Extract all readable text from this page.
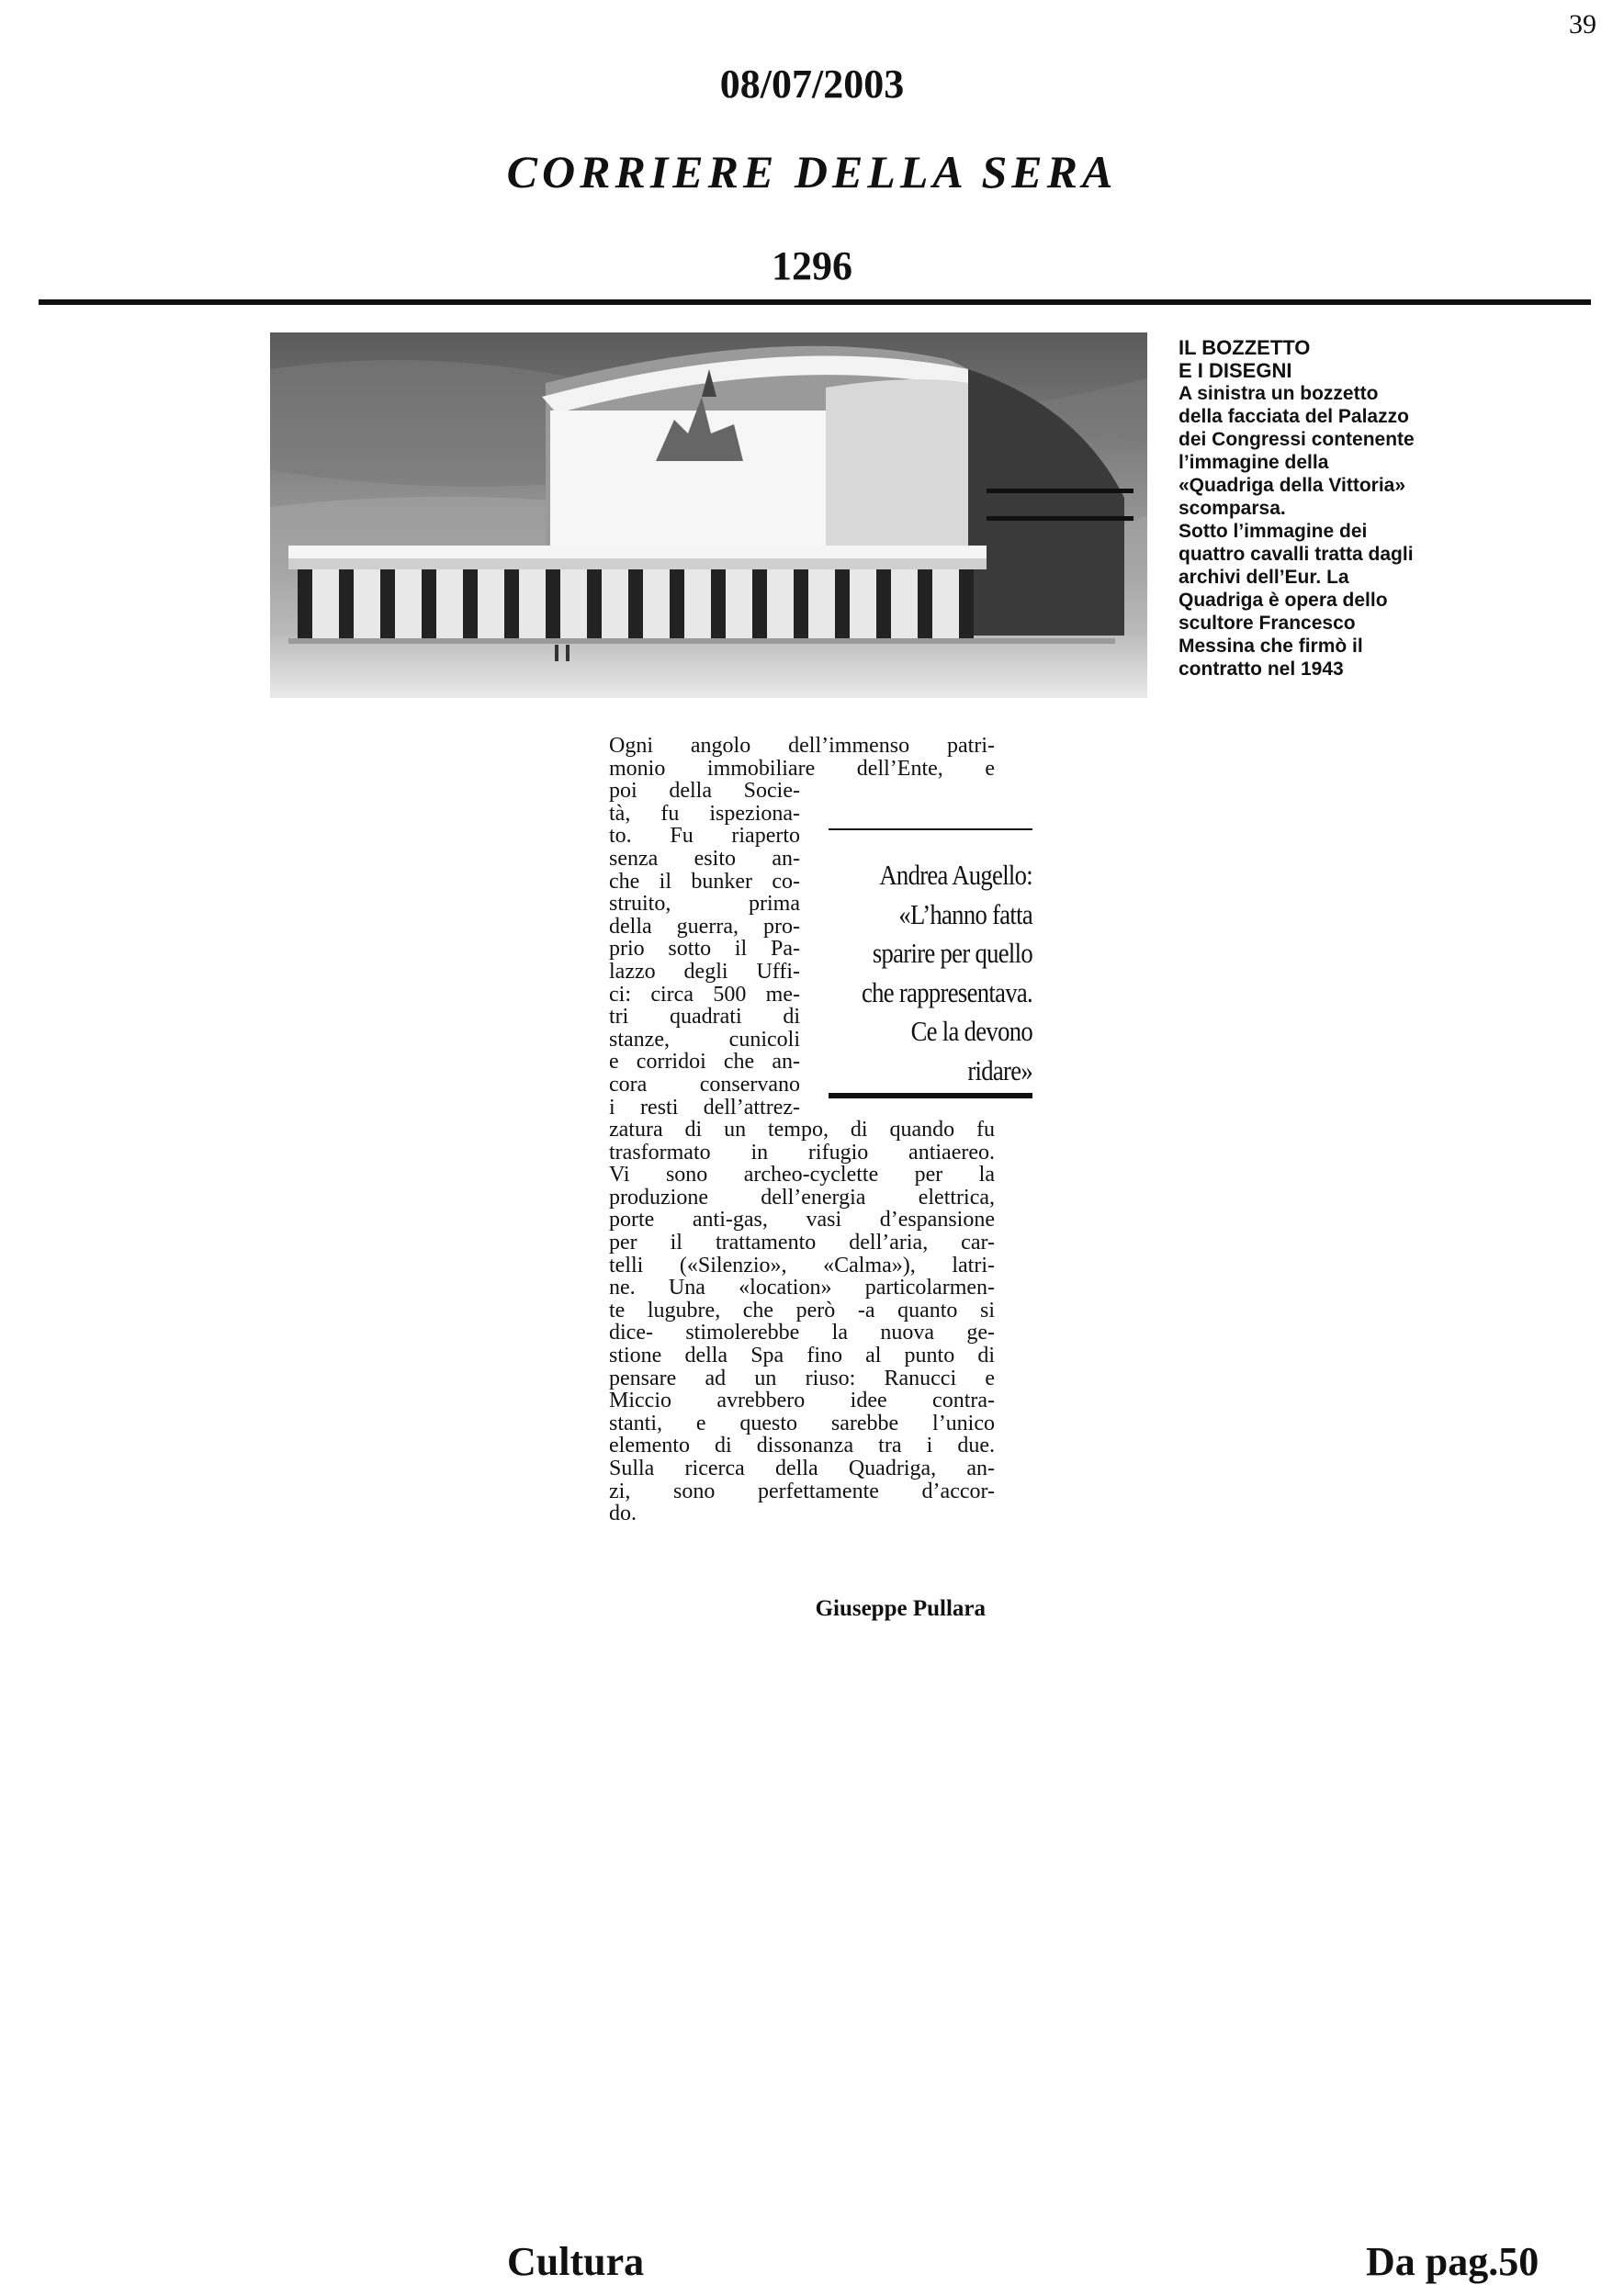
39
08/07/2003
CORRIERE DELLA SERA
1296
IL BOZZETTO
E I DISEGNI
A sinistra un bozzetto
della facciata del Palazzo
dei Congressi contenente
l’immagine della
«Quadriga della Vittoria»
scomparsa.
Sotto l’immagine dei
quattro cavalli tratta dagli
archivi dell’Eur. La
Quadriga è opera dello
scultore Francesco
Messina che firmò il
contratto nel 1943
Ogni angolo dell’immenso patri-
monio immobiliare dell’Ente, e
poi della Socie-
tà, fu ispeziona-
to. Fu riaperto
senza esito an-
che il bunker co-
struito, prima
della guerra, pro-
prio sotto il Pa-
lazzo degli Uffi-
ci: circa 500 me-
tri quadrati di
stanze, cunicoli
e corridoi che an-
cora conservano
i resti dell’attrez-
zatura di un tempo, di quando fu
trasformato in rifugio antiaereo.
Vi sono archeo-cyclette per la
produzione dell’energia elettrica,
porte anti-gas, vasi d’espansione
per il trattamento dell’aria, car-
telli («Silenzio», «Calma»), latri-
ne. Una «location» particolarmen-
te lugubre, che però -a quanto si
dice- stimolerebbe la nuova ge-
stione della Spa fino al punto di
pensare ad un riuso: Ranucci e
Miccio avrebbero idee contra-
stanti, e questo sarebbe l’unico
elemento di dissonanza tra i due.
Sulla ricerca della Quadriga, an-
zi, sono perfettamente d’accor-
do.
Andrea Augello:
«L’hanno fatta
sparire per quello
che rappresentava.
Ce la devono
ridare»
Giuseppe Pullara
Cultura	Da pag.50
